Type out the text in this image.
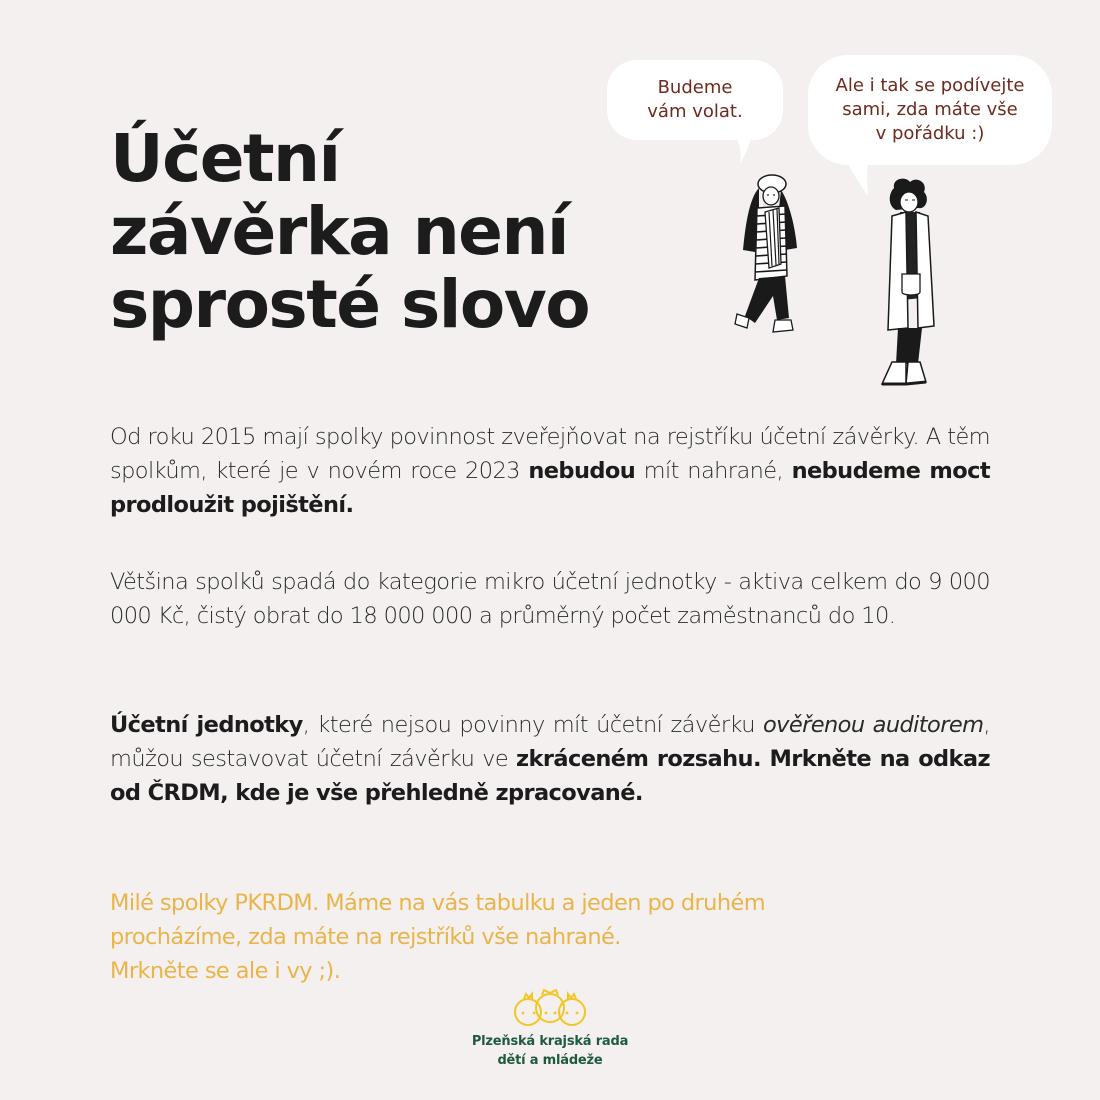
Účetní
závěrka není
sprosté slovo
Budeme
vám volat.
Ale i tak se podívejte
sami, zda máte vše
v pořádku :)

Od roku 2015 mají spolky povinnost zveřejňovat na rejstříku účetní závěrky. A těm spolkům, které je v novém roce 2023 nebudou mít nahrané, nebudeme moct prodloužit pojištění.

Většina spolků spadá do kategorie mikro účetní jednotky - aktiva celkem do 9 000 000 Kč, čistý obrat do 18 000 000 a průměrný počet zaměstnanců do 10.

Účetní jednotky, které nejsou povinny mít účetní závěrku ověřenou auditorem, můžou sestavovat účetní závěrku ve zkráceném rozsahu. Mrkněte na odkaz od ČRDM, kde je vše přehledně zpracované.

Milé spolky PKRDM. Máme na vás tabulku a jeden po druhém
procházíme, zda máte na rejstříků vše nahrané.
Mrkněte se ale i vy ;).
Plzeňská krajská rada
dětí a mládeže
